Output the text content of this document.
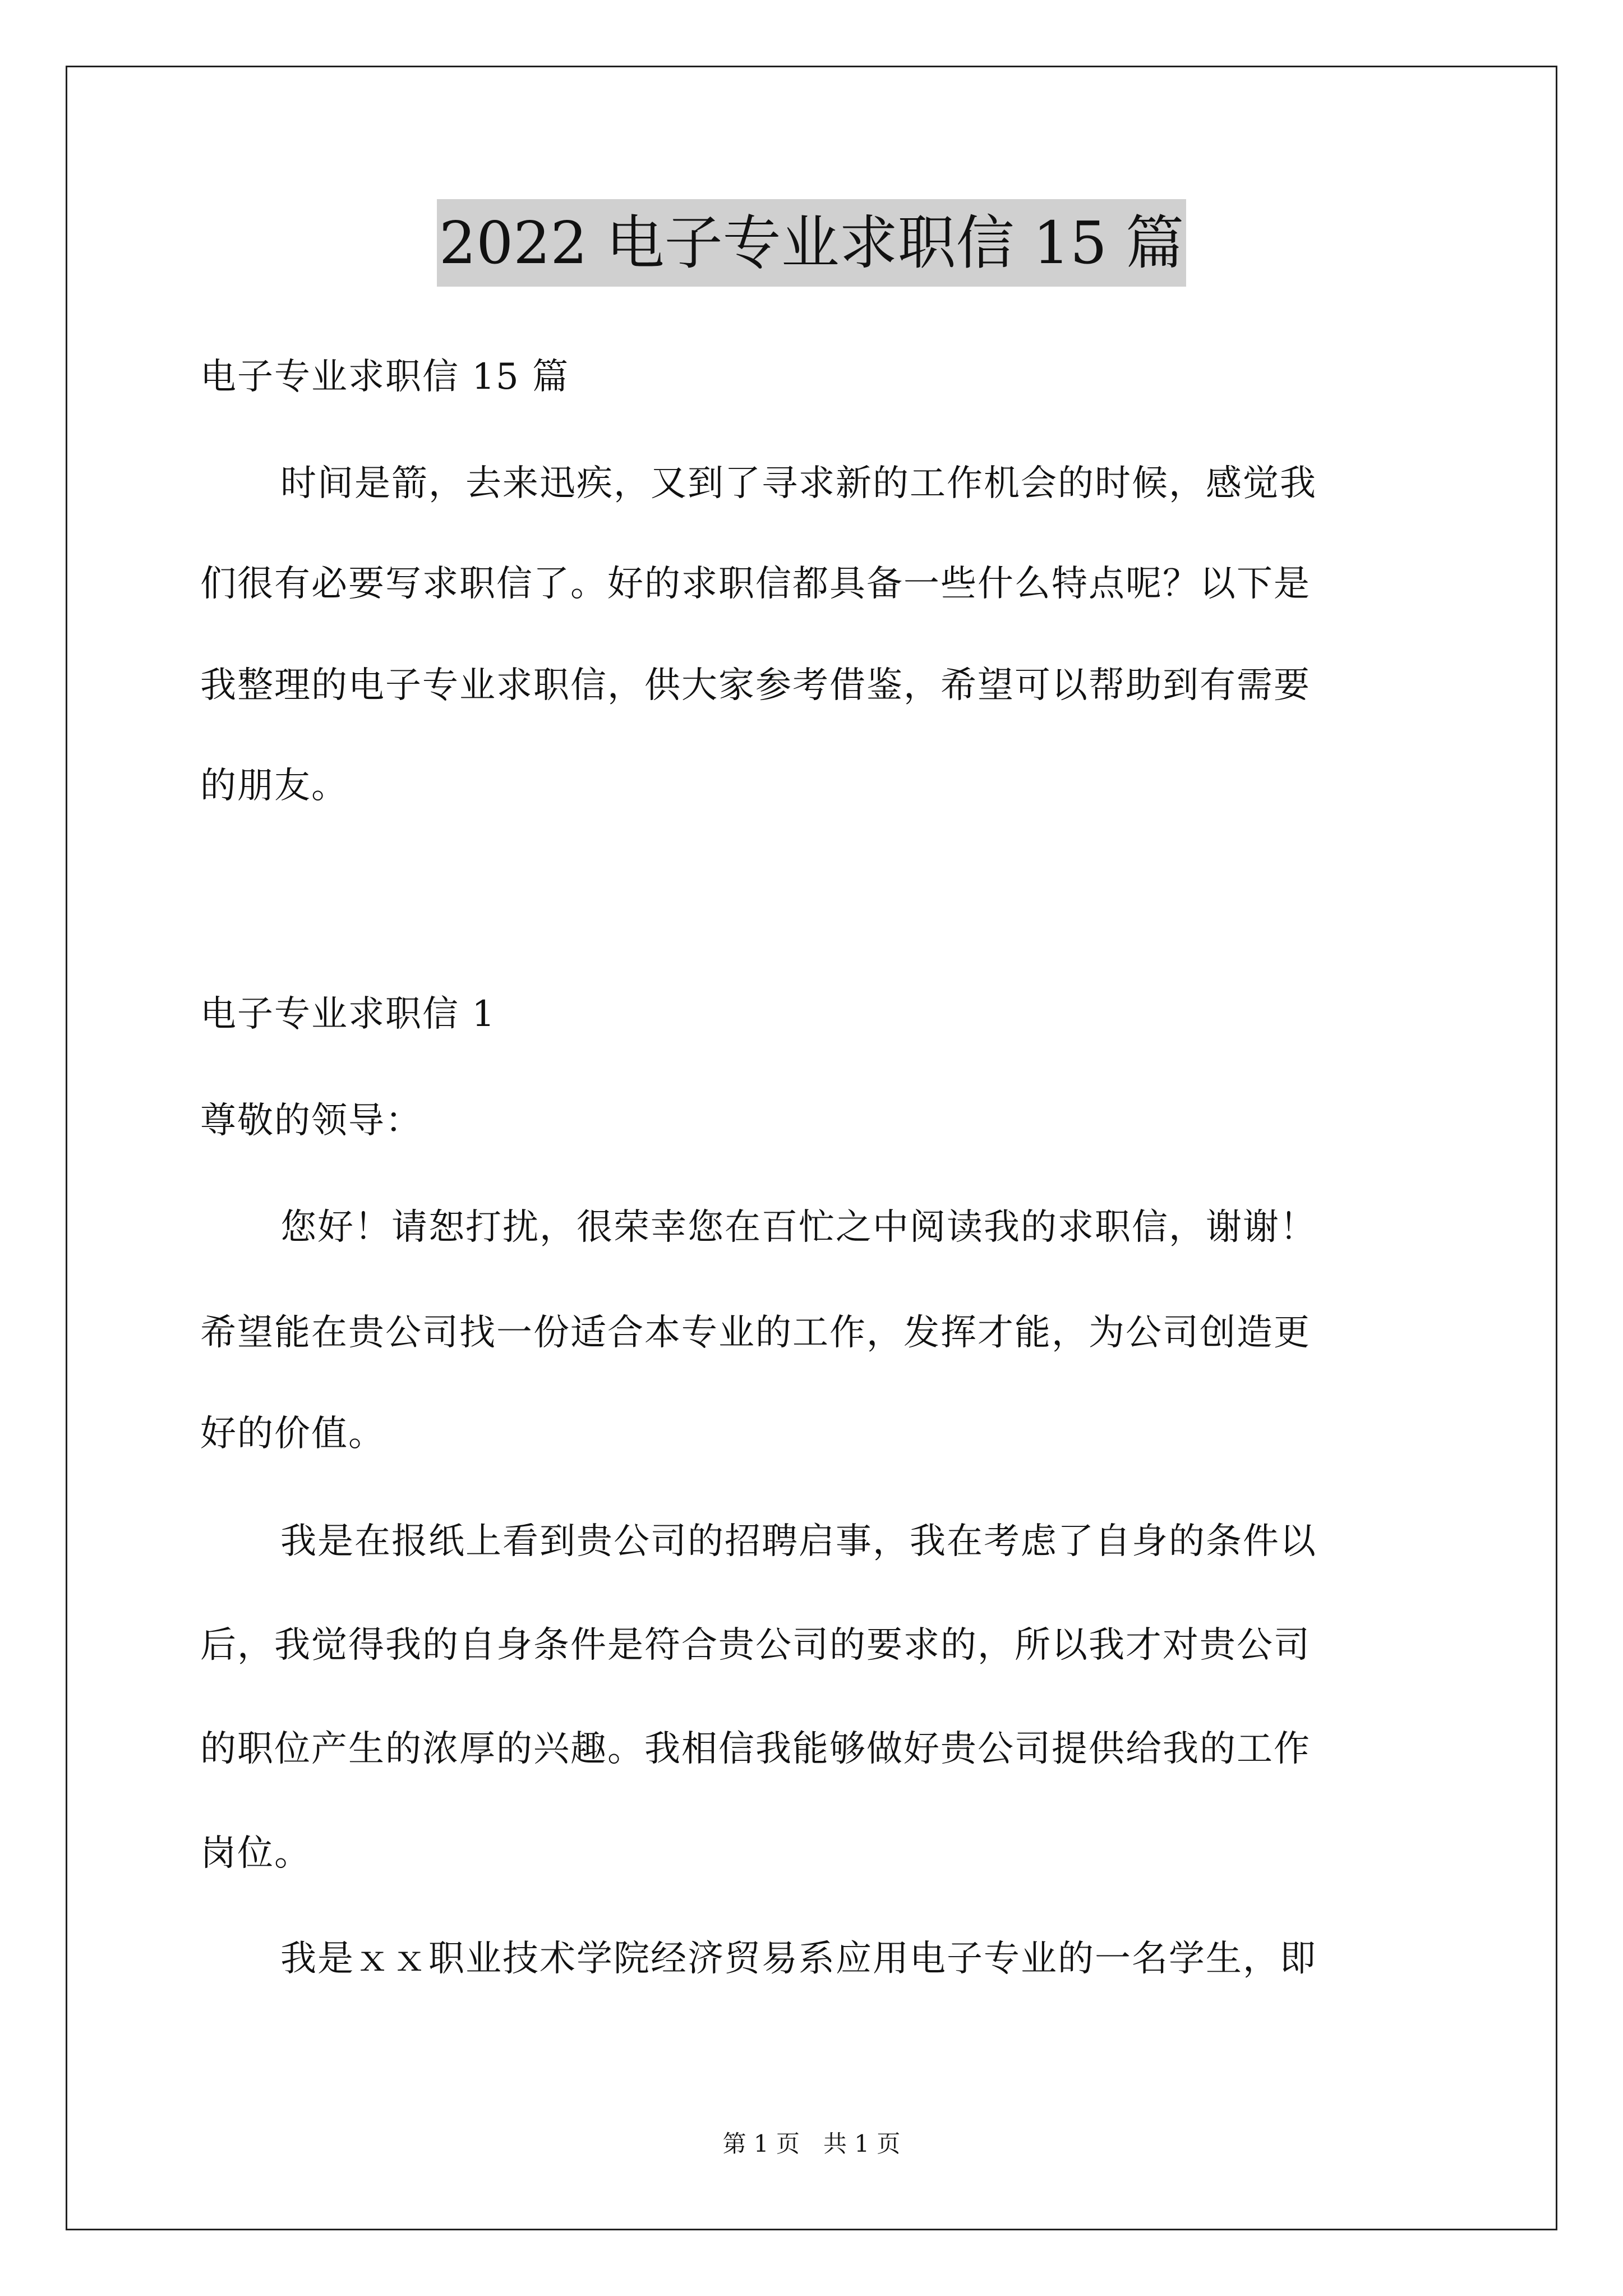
2022 电子专业求职信 15 篇
电子专业求职信 15 篇
时间是箭，去来迅疾，又到了寻求新的工作机会的时候，感觉我
们很有必要写求职信了。好的求职信都具备一些什么特点呢？以下是
我整理的电子专业求职信，供大家参考借鉴，希望可以帮助到有需要
的朋友。
电子专业求职信 1
尊敬的领导：
您好！请恕打扰，很荣幸您在百忙之中阅读我的求职信，谢谢！
希望能在贵公司找一份适合本专业的工作，发挥才能，为公司创造更
好的价值。
我是在报纸上看到贵公司的招聘启事，我在考虑了自身的条件以
后，我觉得我的自身条件是符合贵公司的要求的，所以我才对贵公司
的职位产生的浓厚的兴趣。我相信我能够做好贵公司提供给我的工作
岗位。
我是ｘｘ职业技术学院经济贸易系应用电子专业的一名学生，即
第 1 页　共 1 页
